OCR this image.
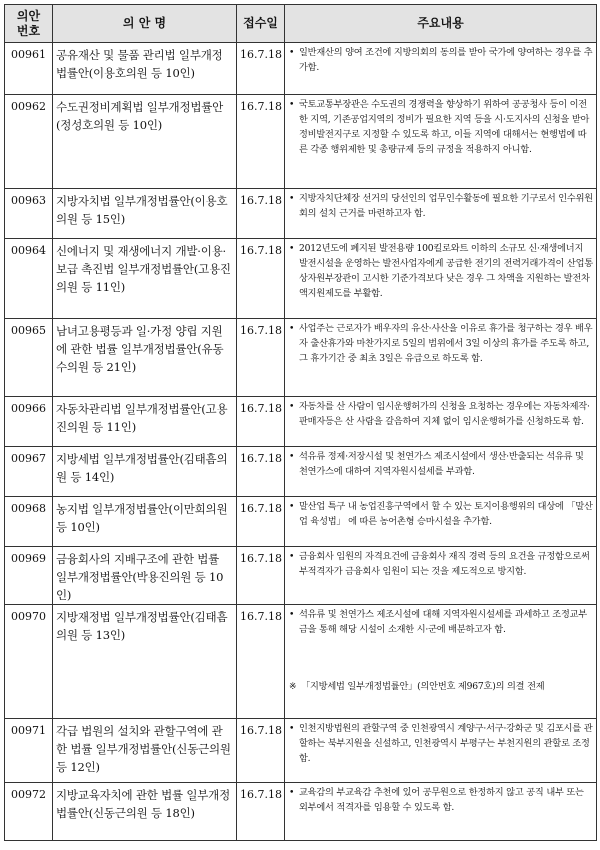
의안
번호	의 안 명	접수일	주요내용
00961	공유재산 및 물품 관리법 일부개정법률안(이용호의원 등 10인)	16.7.18	• 일반재산의 양여 조건에 지방의회의 동의를 받아 국가에 양여하는 경우를 추가함.

00962	수도권정비계획법 일부개정법률안(정성호의원 등 10인)	16.7.18	• 국토교통부장관은 수도권의 경쟁력을 향상하기 위하여 공공청사 등이 이전한 지역, 기존공업지역의 정비가 필요한 지역 등을 시·도지사의 신청을 받아 정비발전지구로 지정할 수 있도록 하고, 이들 지역에 대해서는 현행법에 따른 각종 행위제한 및 총량규제 등의 규정을 적용하지 아니함.

00963	지방자치법 일부개정법률안(이용호의원 등 15인)	16.7.18	• 지방자치단체장 선거의 당선인의 업무인수활동에 필요한 기구로서 인수위원회의 설치 근거를 마련하고자 함.

00964	신에너지 및 재생에너지 개발·이용·보급 촉진법 일부개정법률안(고용진의원 등 11인)	16.7.18	• 2012년도에 폐지된 발전용량 100킬로와트 이하의 소규모 신·재생에너지 발전시설을 운영하는 발전사업자에게 공급한 전기의 전력거래가격이 산업통상자원부장관이 고시한 기준가격보다 낮은 경우 그 차액을 지원하는 발전차액지원제도를 부활함.

00965	남녀고용평등과 일·가정 양립 지원에 관한 법률 일부개정법률안(유동수의원 등 21인)	16.7.18	• 사업주는 근로자가 배우자의 유산·사산을 이유로 휴가를 청구하는 경우 배우자 출산휴가와 마찬가지로 5일의 범위에서 3일 이상의 휴가를 주도록 하고, 그 휴가기간 중 최초 3일은 유급으로 하도록 함.

00966	자동차관리법 일부개정법률안(고용진의원 등 11인)	16.7.18	• 자동차를 산 사람이 임시운행허가의 신청을 요청하는 경우에는 자동차제작·판매자등은 산 사람을 갈음하여 지체 없이 임시운행허가를 신청하도록 함.

00967	지방세법 일부개정법률안(김태흠의원 등 14인)	16.7.18	• 석유류 정제·저장시설 및 천연가스 제조시설에서 생산·반출되는 석유류 및 천연가스에 대하여 지역자원시설세를 부과함.

00968	농지법 일부개정법률안(이만희의원 등 10인)	16.7.18	• 말산업 특구 내 농업진흥구역에서 할 수 있는 토지이용행위의 대상에 「말산업 육성법」 에 따른 농어촌형 승마시설을 추가함.

00969	금융회사의 지배구조에 관한 법률 일부개정법률안(박용진의원 등 10인)	16.7.18	• 금융회사 임원의 자격요건에 금융회사 재직 경력 등의 요건을 규정함으로써 부적격자가 금융회사 임원이 되는 것을 제도적으로 방지함.

00970	지방재정법 일부개정법률안(김태흠의원 등 13인)	16.7.18	• 석유류 및 천연가스 제조시설에 대해 지역자원시설세를 과세하고 조정교부금을 통해 해당 시설이 소재한 시·군에 배분하고자 함.
※ 「지방세법 일부개정법률안」(의안번호 제967호)의 의결 전제

00971	각급 법원의 설치와 관할구역에 관한 법률 일부개정법률안(신동근의원 등 12인)	16.7.18	• 인천지방법원의 관할구역 중 인천광역시 계양구·서구·강화군 및 김포시를 관할하는 북부지원을 신설하고, 인천광역시 부평구는 부천지원의 관할로 조정함.

00972	지방교육자치에 관한 법률 일부개정법률안(신동근의원 등 18인)	16.7.18	• 교육감의 부교육감 추천에 있어 공무원으로 한정하지 않고 공직 내부 또는 외부에서 적격자를 임용할 수 있도록 함.
